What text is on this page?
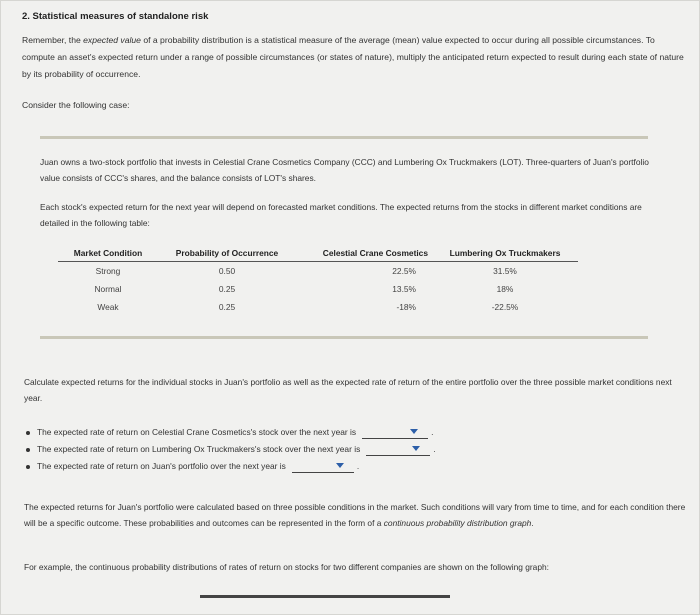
2. Statistical measures of standalone risk
Remember, the expected value of a probability distribution is a statistical measure of the average (mean) value expected to occur during all possible circumstances. To compute an asset's expected return under a range of possible circumstances (or states of nature), multiply the anticipated return expected to result during each state of nature by its probability of occurrence.
Consider the following case:
Juan owns a two-stock portfolio that invests in Celestial Crane Cosmetics Company (CCC) and Lumbering Ox Truckmakers (LOT). Three-quarters of Juan's portfolio value consists of CCC's shares, and the balance consists of LOT's shares.
Each stock's expected return for the next year will depend on forecasted market conditions. The expected returns from the stocks in different market conditions are detailed in the following table:
Market Condition	Probability of Occurrence	Celestial Crane Cosmetics	Lumbering Ox Truckmakers
Strong	0.50	22.5%	31.5%
Normal	0.25	13.5%	18%
Weak	0.25	-18%	-22.5%
Calculate expected returns for the individual stocks in Juan's portfolio as well as the expected rate of return of the entire portfolio over the three possible market conditions next year.
The expected rate of return on Celestial Crane Cosmetics's stock over the next year is	.
The expected rate of return on Lumbering Ox Truckmakers's stock over the next year is	.
The expected rate of return on Juan's portfolio over the next year is	.
The expected returns for Juan's portfolio were calculated based on three possible conditions in the market. Such conditions will vary from time to time, and for each condition there will be a specific outcome. These probabilities and outcomes can be represented in the form of a continuous probability distribution graph.
For example, the continuous probability distributions of rates of return on stocks for two different companies are shown on the following graph:
